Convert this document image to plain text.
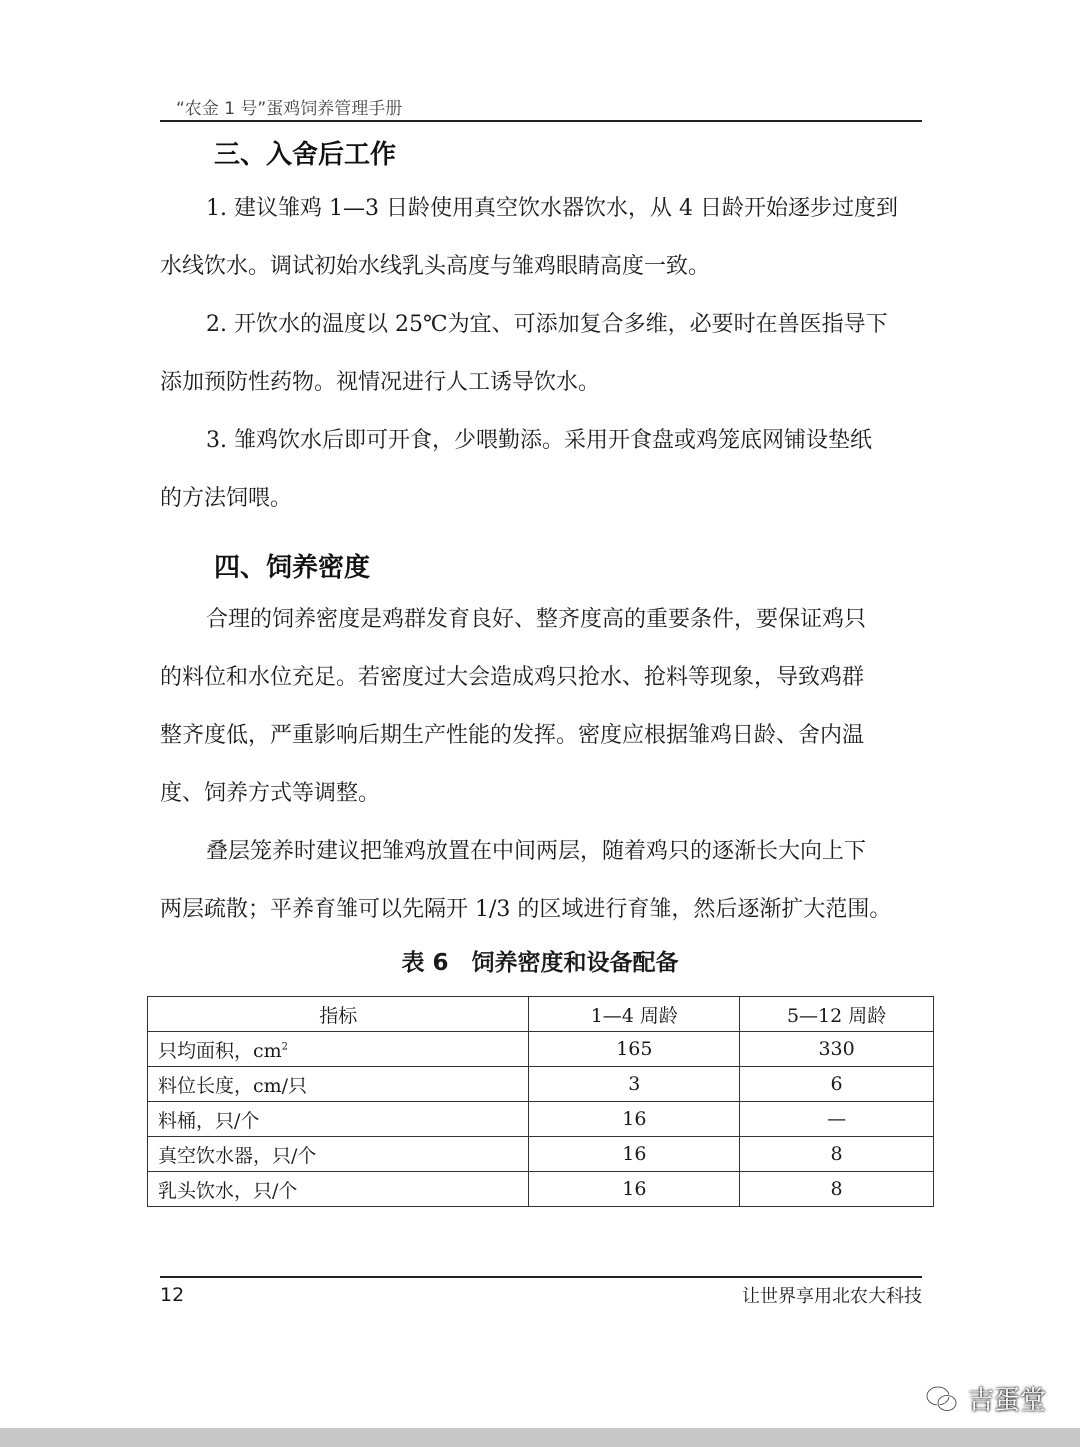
“农金 1 号”蛋鸡饲养管理手册
三、入舍后工作

1. 建议雏鸡 1—3 日龄使用真空饮水器饮水，从 4 日龄开始逐步过度到

水线饮水。调试初始水线乳头高度与雏鸡眼睛高度一致。

2. 开饮水的温度以 25℃为宜、可添加复合多维，必要时在兽医指导下

添加预防性药物。视情况进行人工诱导饮水。

3. 雏鸡饮水后即可开食，少喂勤添。采用开食盘或鸡笼底网铺设垫纸

的方法饲喂。

四、饲养密度

合理的饲养密度是鸡群发育良好、整齐度高的重要条件，要保证鸡只

的料位和水位充足。若密度过大会造成鸡只抢水、抢料等现象，导致鸡群

整齐度低，严重影响后期生产性能的发挥。密度应根据雏鸡日龄、舍内温

度、饲养方式等调整。

叠层笼养时建议把雏鸡放置在中间两层，随着鸡只的逐渐长大向上下

两层疏散；平养育雏可以先隔开 1/3 的区域进行育雏，然后逐渐扩大范围。

表 6　饲养密度和设备配备
指标	1—4 周龄	5—12 周龄
只均面积，$cm^2$	165	330
料位长度，cm/只	3	6
料桶，只/个	16	—
真空饮水器，只/个	16	8
乳头饮水，只/个	16	8
12	让世界享用北农大科技
吉蛋堂
